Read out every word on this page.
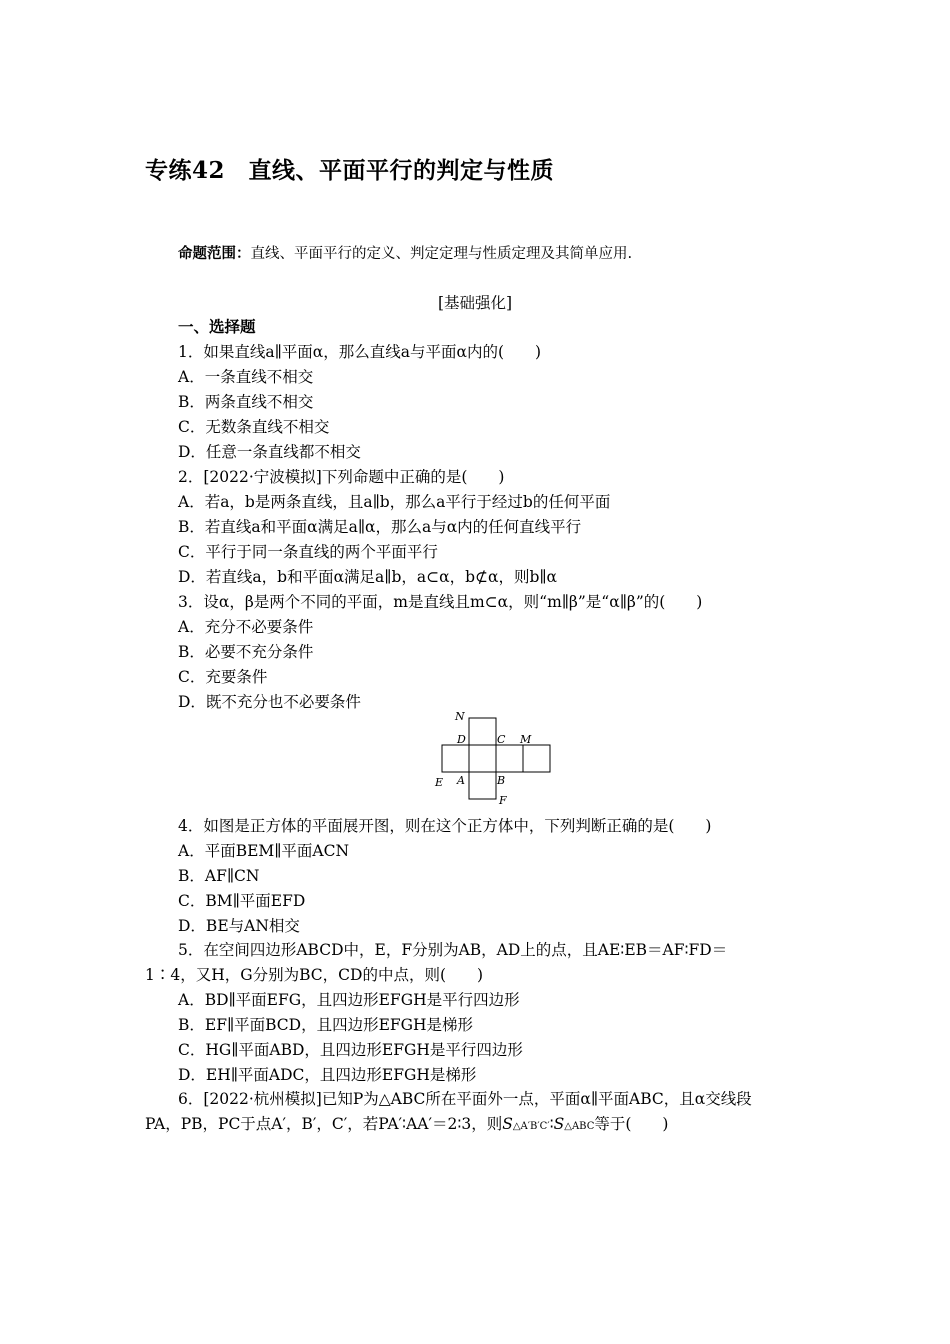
专练42　直线、平面平行的判定与性质
命题范围：直线、平面平行的定义、判定定理与性质定理及其简单应用.
[基础强化]
一、选择题
1．如果直线a∥平面α，那么直线a与平面α内的(　　)
A．一条直线不相交
B．两条直线不相交
C．无数条直线不相交
D．任意一条直线都不相交
2．[2022·宁波模拟]下列命题中正确的是(　　)
A．若a，b是两条直线，且a∥b，那么a平行于经过b的任何平面
B．若直线a和平面α满足a∥α，那么a与α内的任何直线平行
C．平行于同一条直线的两个平面平行
D．若直线a，b和平面α满足a∥b，a⊂α，b⊄α，则b∥α
3．设α，β是两个不同的平面，m是直线且m⊂α，则“m∥β”是“α∥β”的(　　)
A．充分不必要条件
B．必要不充分条件
C．充要条件
D．既不充分也不必要条件
N
D	C M
E A	B
F
4．如图是正方体的平面展开图，则在这个正方体中，下列判断正确的是(　　)
A．平面BEM∥平面ACN
B．AF∥CN
C．BM∥平面EFD
D．BE与AN相交
5．在空间四边形ABCD中，E，F分别为AB，AD上的点，且AE∶EB＝AF∶FD＝
1∶4，又H，G分别为BC，CD的中点，则(　　)
A．BD∥平面EFG，且四边形EFGH是平行四边形
B．EF∥平面BCD，且四边形EFGH是梯形
C．HG∥平面ABD，且四边形EFGH是平行四边形
D．EH∥平面ADC，且四边形EFGH是梯形
6．[2022·杭州模拟]已知P为△ABC所在平面外一点，平面α∥平面ABC，且α交线段
PA，PB，PC于点A′，B′，C′，若PA′∶AA′＝2∶3，则S△A′B′C′∶S△ABC等于(　　)
